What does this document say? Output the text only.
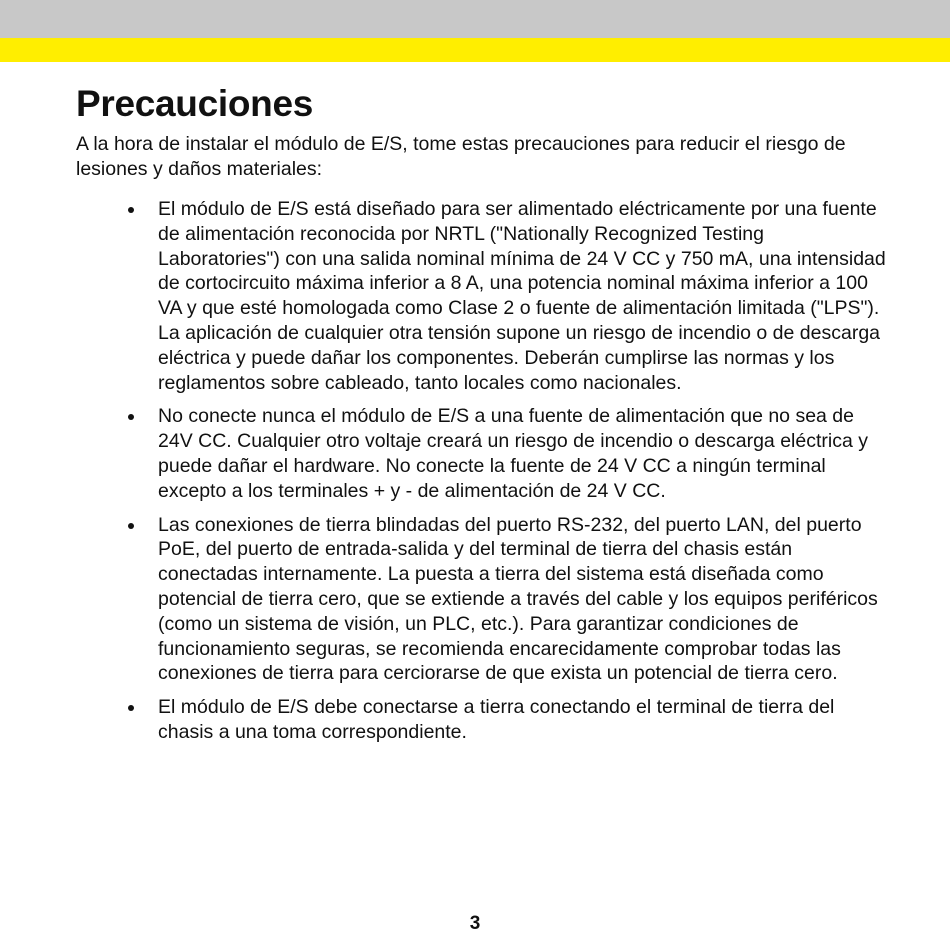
Precauciones

A la hora de instalar el módulo de E/S, tome estas precauciones para reducir el riesgo de lesiones y daños materiales:

El módulo de E/S está diseñado para ser alimentado eléctricamente por una fuente de alimentación reconocida por NRTL ("Nationally Recognized Testing Laboratories") con una salida nominal mínima de 24 V CC y 750 mA, una intensidad de cortocircuito máxima inferior a 8 A, una potencia nominal máxima inferior a 100 VA y que esté homologada como Clase 2 o fuente de alimentación limitada ("LPS"). La aplicación de cualquier otra tensión supone un riesgo de incendio o de descarga eléctrica y puede dañar los componentes. Deberán cumplirse las normas y los reglamentos sobre cableado, tanto locales como nacionales.
No conecte nunca el módulo de E/S a una fuente de alimentación que no sea de 24V CC. Cualquier otro voltaje creará un riesgo de incendio o descarga eléctrica y puede dañar el hardware. No conecte la fuente de 24 V CC a ningún terminal excepto a los terminales + y - de alimentación de 24 V CC.
Las conexiones de tierra blindadas del puerto RS-232, del puerto LAN, del puerto PoE, del puerto de entrada-salida y del terminal de tierra del chasis están conectadas internamente. La puesta a tierra del sistema está diseñada como potencial de tierra cero, que se extiende a través del cable y los equipos periféricos (como un sistema de visión, un PLC, etc.). Para garantizar condiciones de funcionamiento seguras, se recomienda encarecidamente comprobar todas las conexiones de tierra para cerciorarse de que exista un potencial de tierra cero.
El módulo de E/S debe conectarse a tierra conectando el terminal de tierra del chasis a una toma correspondiente.
3
